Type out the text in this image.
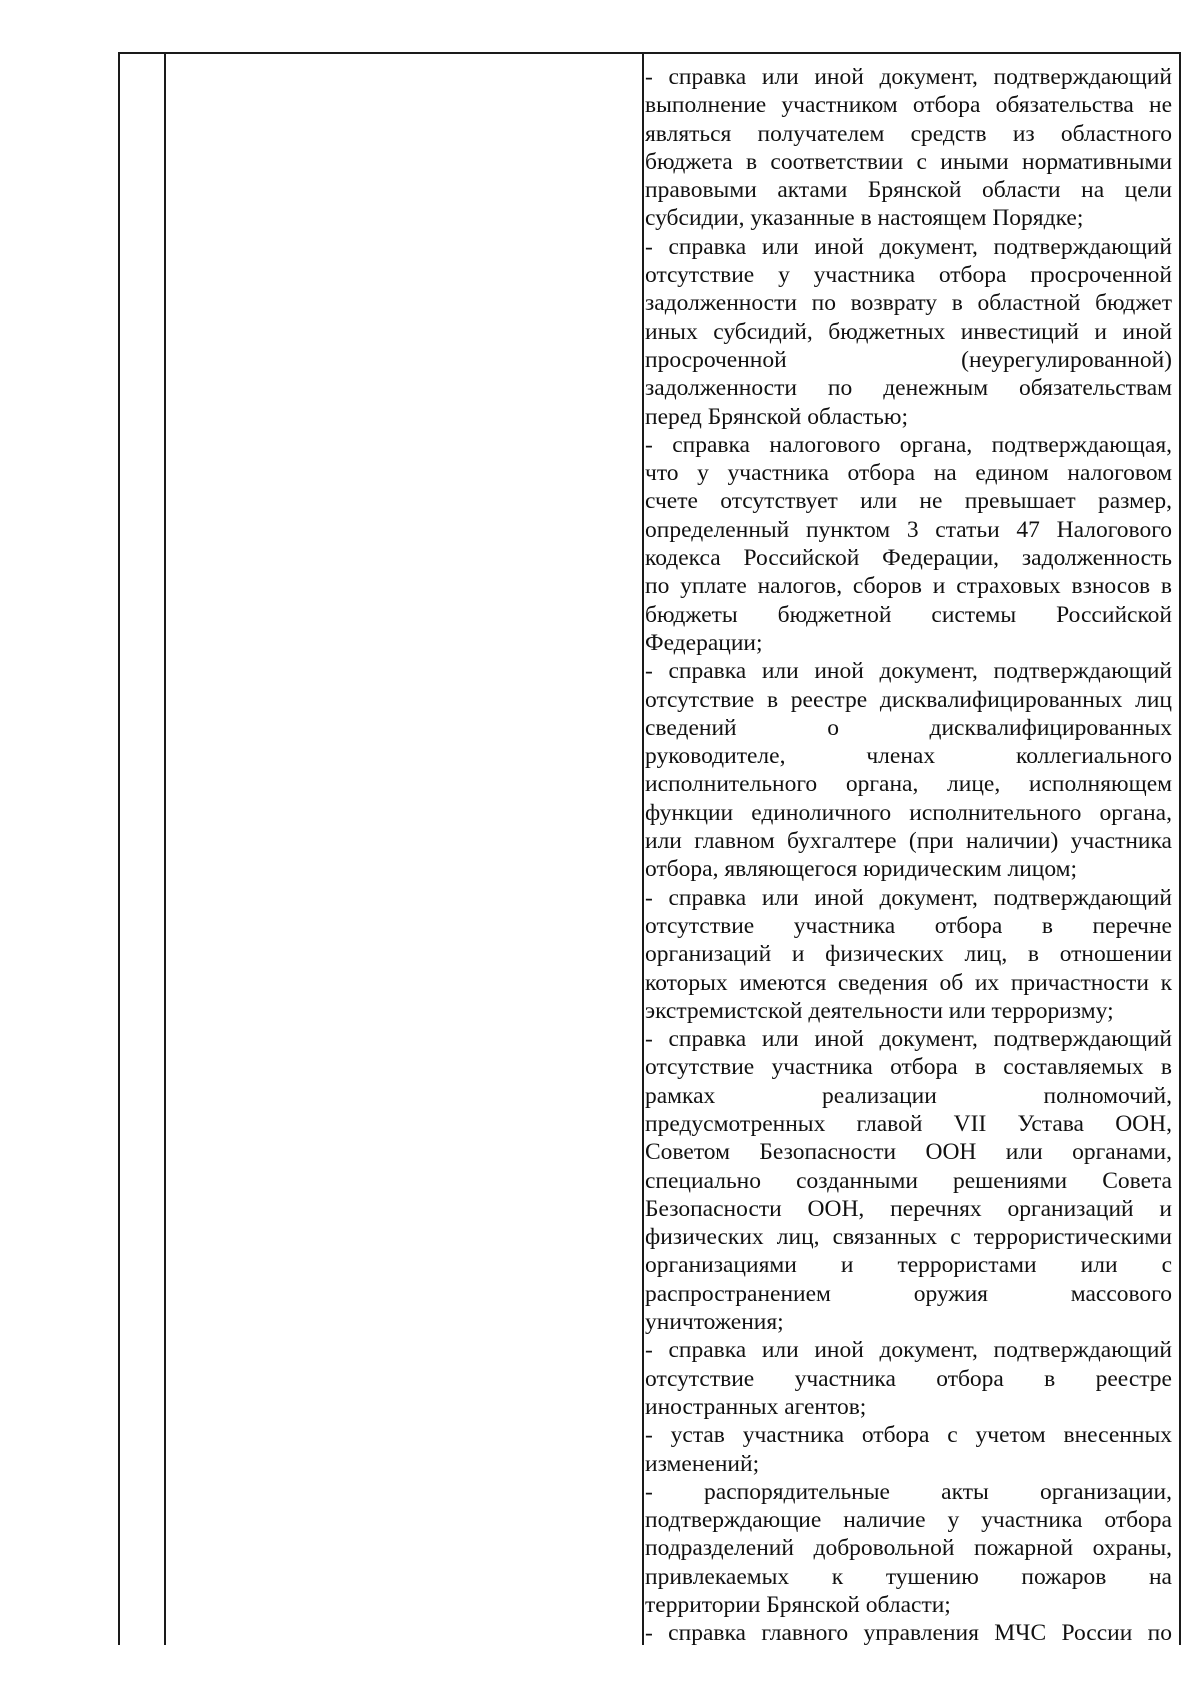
- справка или иной документ, подтверждающий
выполнение участником отбора обязательства не
являться получателем средств из областного
бюджета в соответствии с иными нормативными
правовыми актами Брянской области на цели
субсидии, указанные в настоящем Порядке;
- справка или иной документ, подтверждающий
отсутствие у участника отбора просроченной
задолженности по возврату в областной бюджет
иных субсидий, бюджетных инвестиций и иной
просроченной (неурегулированной)
задолженности по денежным обязательствам
перед Брянской областью;
- справка налогового органа, подтверждающая,
что у участника отбора на едином налоговом
счете отсутствует или не превышает размер,
определенный пунктом 3 статьи 47 Налогового
кодекса Российской Федерации, задолженность
по уплате налогов, сборов и страховых взносов в
бюджеты бюджетной системы Российской
Федерации;
- справка или иной документ, подтверждающий
отсутствие в реестре дисквалифицированных лиц
сведений о дисквалифицированных
руководителе, членах коллегиального
исполнительного органа, лице, исполняющем
функции единоличного исполнительного органа,
или главном бухгалтере (при наличии) участника
отбора, являющегося юридическим лицом;
- справка или иной документ, подтверждающий
отсутствие участника отбора в перечне
организаций и физических лиц, в отношении
которых имеются сведения об их причастности к
экстремистской деятельности или терроризму;
- справка или иной документ, подтверждающий
отсутствие участника отбора в составляемых в
рамках реализации полномочий,
предусмотренных главой VII Устава ООН,
Советом Безопасности ООН или органами,
специально созданными решениями Совета
Безопасности ООН, перечнях организаций и
физических лиц, связанных с террористическими
организациями и террористами или с
распространением оружия массового
уничтожения;
- справка или иной документ, подтверждающий
отсутствие участника отбора в реестре
иностранных агентов;
- устав участника отбора с учетом внесенных
изменений;
- распорядительные акты организации,
подтверждающие наличие у участника отбора
подразделений добровольной пожарной охраны,
привлекаемых к тушению пожаров на
территории Брянской области;
- справка главного управления МЧС России по
